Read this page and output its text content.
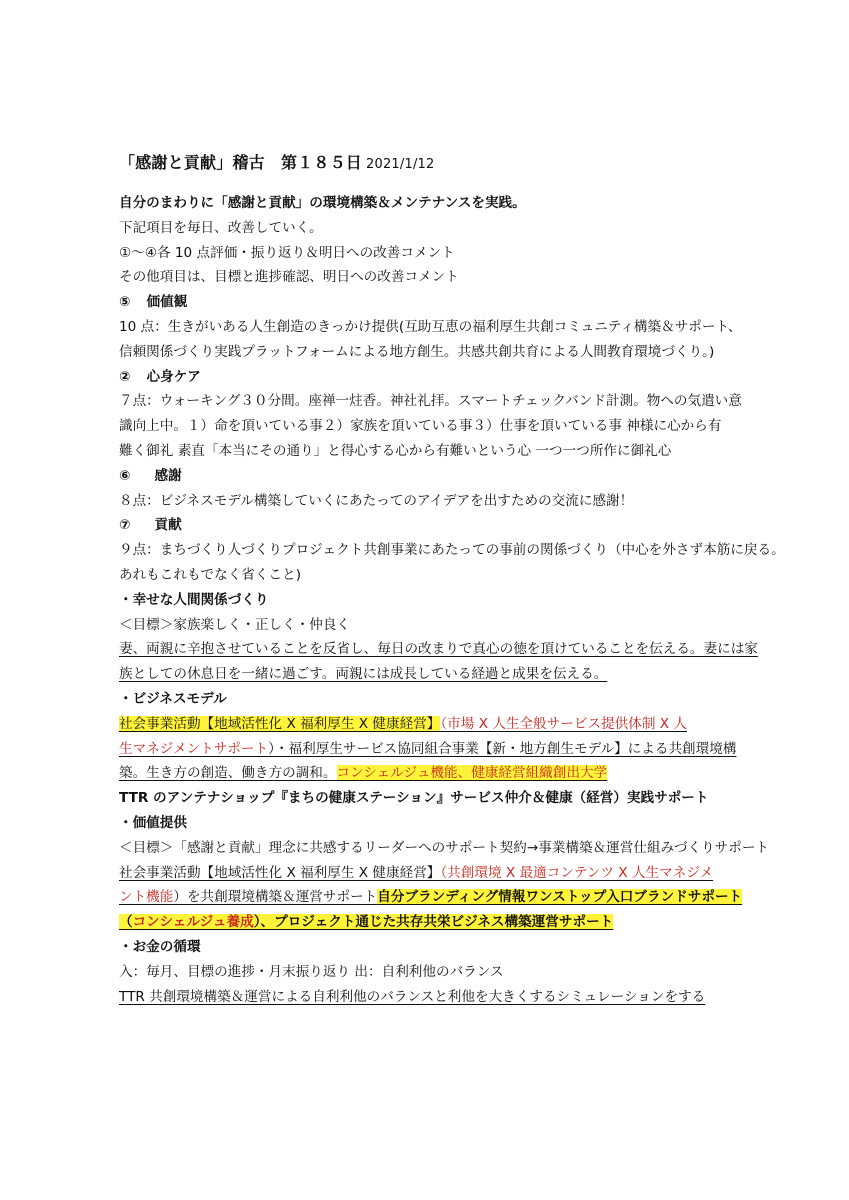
「感謝と貢献」稽古　第１８５日 2021/1/12
自分のまわりに「感謝と貢献」の環境構築＆メンテナンスを実践。
下記項目を毎日、改善していく。
①～④各 10 点評価・振り返り＆明日への改善コメント
その他項目は、目標と進捗確認、明日への改善コメント
⑤ 価値観
10 点：生きがいある人生創造のきっかけ提供(互助互恵の福利厚生共創コミュニティ構築＆サポート、
信頼関係づくり実践プラットフォームによる地方創生。共感共創共育による人間教育環境づくり。)
② 心身ケア
７点：ウォーキング３０分間。座禅一炷香。神社礼拝。スマートチェックバンド計測。物への気遣い意
識向上中。１）命を頂いている事２）家族を頂いている事３）仕事を頂いている事 神様に心から有
難く御礼 素直「本当にその通り」と得心する心から有難いという心 一つ一つ所作に御礼心
⑥ 感謝
８点：ビジネスモデル構築していくにあたってのアイデアを出すための交流に感謝！
⑦ 貢献
９点：まちづくり人づくりプロジェクト共創事業にあたっての事前の関係づくり（中心を外さず本筋に戻る。
あれもこれもでなく省くこと)
・幸せな人間関係づくり
＜目標＞家族楽しく・正しく・仲良く
妻、両親に辛抱させていることを反省し、毎日の改まりで真心の徳を頂けていることを伝える。妻には家
族としての休息日を一緒に過ごす。両親には成長している経過と成果を伝える。
・ビジネスモデル
社会事業活動【地域活性化 X 福利厚生 X 健康経営】（市場 X 人生全般サービス提供体制 X 人
生マネジメントサポート）・福利厚生サービス協同組合事業【新・地方創生モデル】による共創環境構
築。生き方の創造、働き方の調和。コンシェルジュ機能、健康経営組織創出大学
TTR のアンテナショップ『まちの健康ステーション』サービス仲介＆健康（経営）実践サポート
・価値提供
＜目標＞「感謝と貢献」理念に共感するリーダーへのサポート契約→事業構築＆運営仕組みづくりサポート
社会事業活動【地域活性化 X 福利厚生 X 健康経営】（共創環境 X 最適コンテンツ X 人生マネジメ
ント機能）を共創環境構築＆運営サポート自分ブランディング情報ワンストップ入口ブランドサポート
（コンシェルジュ養成）、プロジェクト通じた共存共栄ビジネス構築運営サポート
・お金の循環
入：毎月、目標の進捗・月末振り返り 出：自利利他のバランス
TTR 共創環境構築＆運営による自利利他のバランスと利他を大きくするシミュレーションをする
